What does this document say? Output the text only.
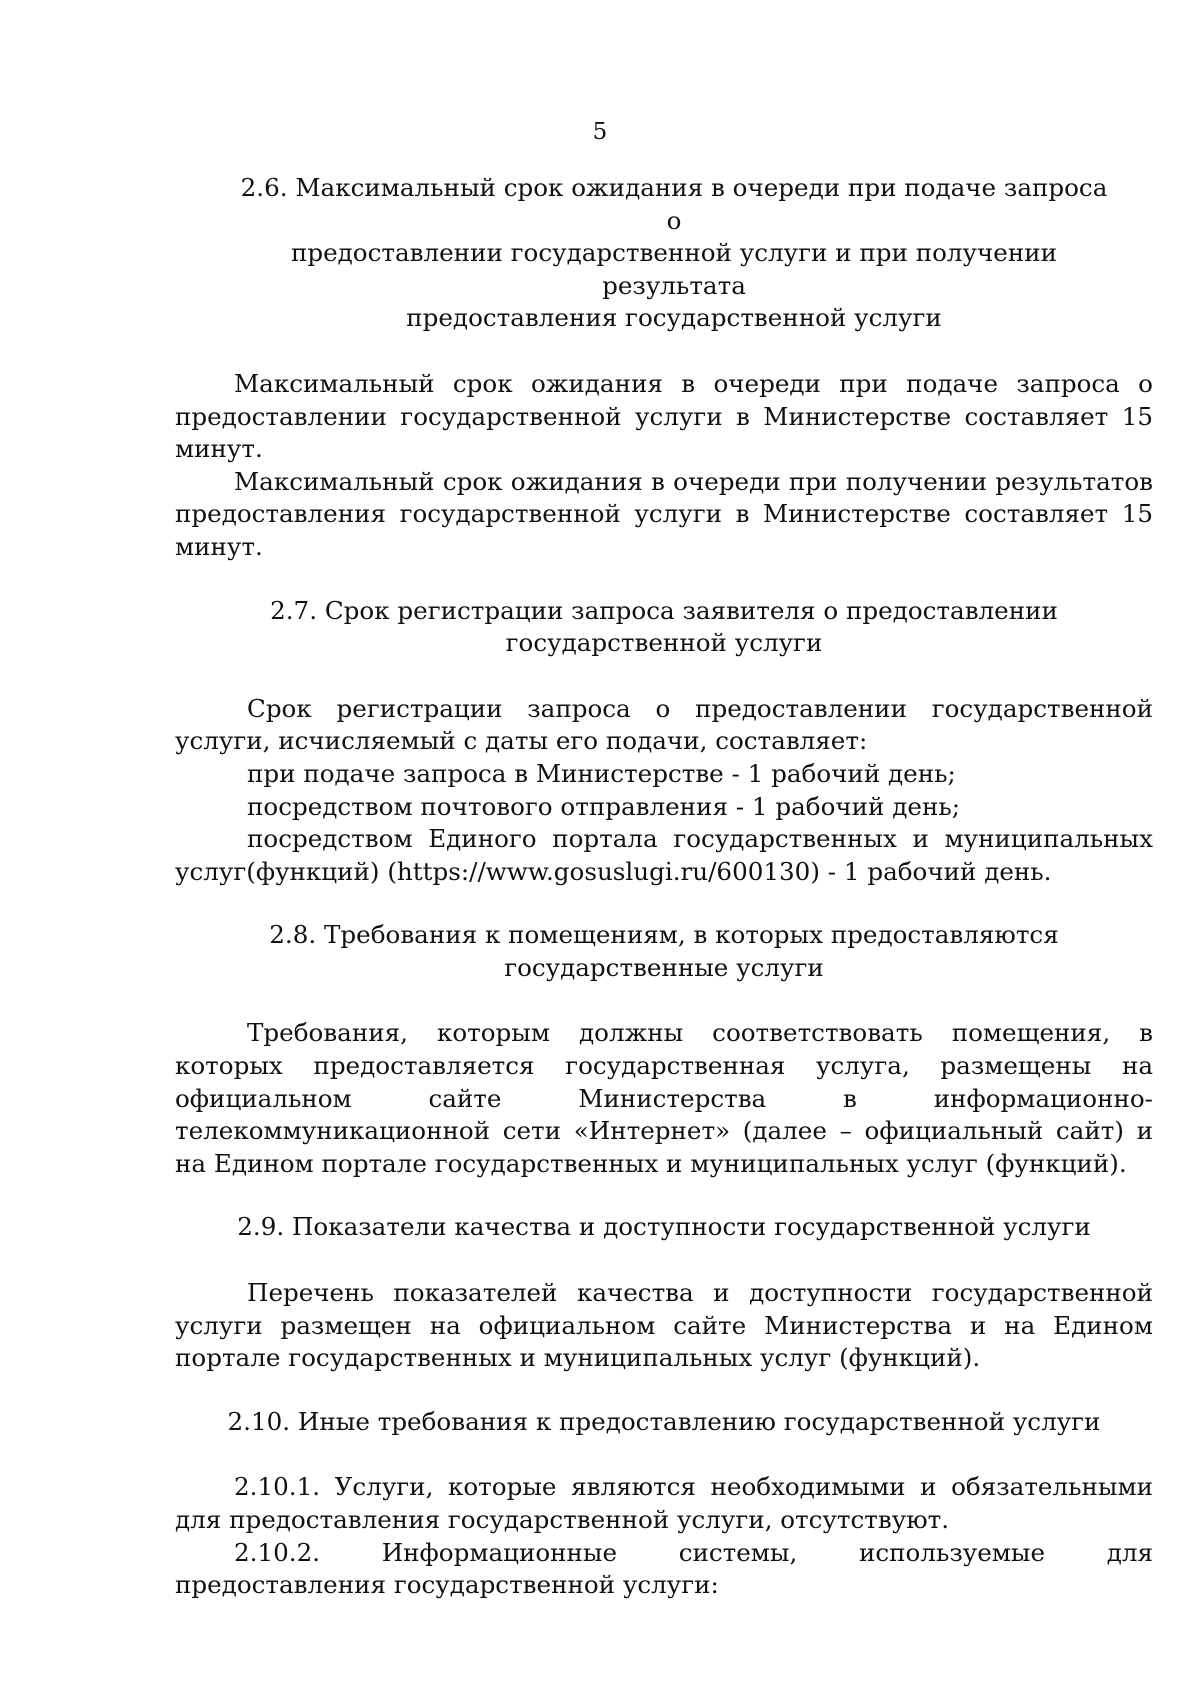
5
2.6. Максимальный срок ожидания в очереди при подаче запроса о
предоставлении государственной услуги и при получении результата
предоставления государственной услуги

Максимальный срок ожидания в очереди при подаче запроса о предоставлении государственной услуги в Министерстве составляет 15 минут.

Максимальный срок ожидания в очереди при получении результатов предоставления государственной услуги в Министерстве составляет 15 минут.

2.7. Срок регистрации запроса заявителя о предоставлении
государственной услуги

Срок регистрации запроса о предоставлении государственной услуги, исчисляемый с даты его подачи, составляет:

при подаче запроса в Министерстве - 1 рабочий день;

посредством почтового отправления - 1 рабочий день;

посредством Единого портала государственных и муниципальных услуг(функций) (https://www.gosuslugi.ru/600130) - 1 рабочий день.

2.8. Требования к помещениям, в которых предоставляются
государственные услуги

Требования, которым должны соответствовать помещения, в которых предоставляется государственная услуга, размещены на официальном сайте Министерства в информационно-телекоммуникационной сети «Интернет» (далее – официальный сайт) и на Едином портале государственных и муниципальных услуг (функций).

2.9. Показатели качества и доступности государственной услуги

Перечень показателей качества и доступности государственной услуги размещен на официальном сайте Министерства и на Едином портале государственных и муниципальных услуг (функций).

2.10. Иные требования к предоставлению государственной услуги

2.10.1. Услуги, которые являются необходимыми и обязательными для предоставления государственной услуги, отсутствуют.

2.10.2. Информационные системы, используемые для предоставления государственной услуги:
